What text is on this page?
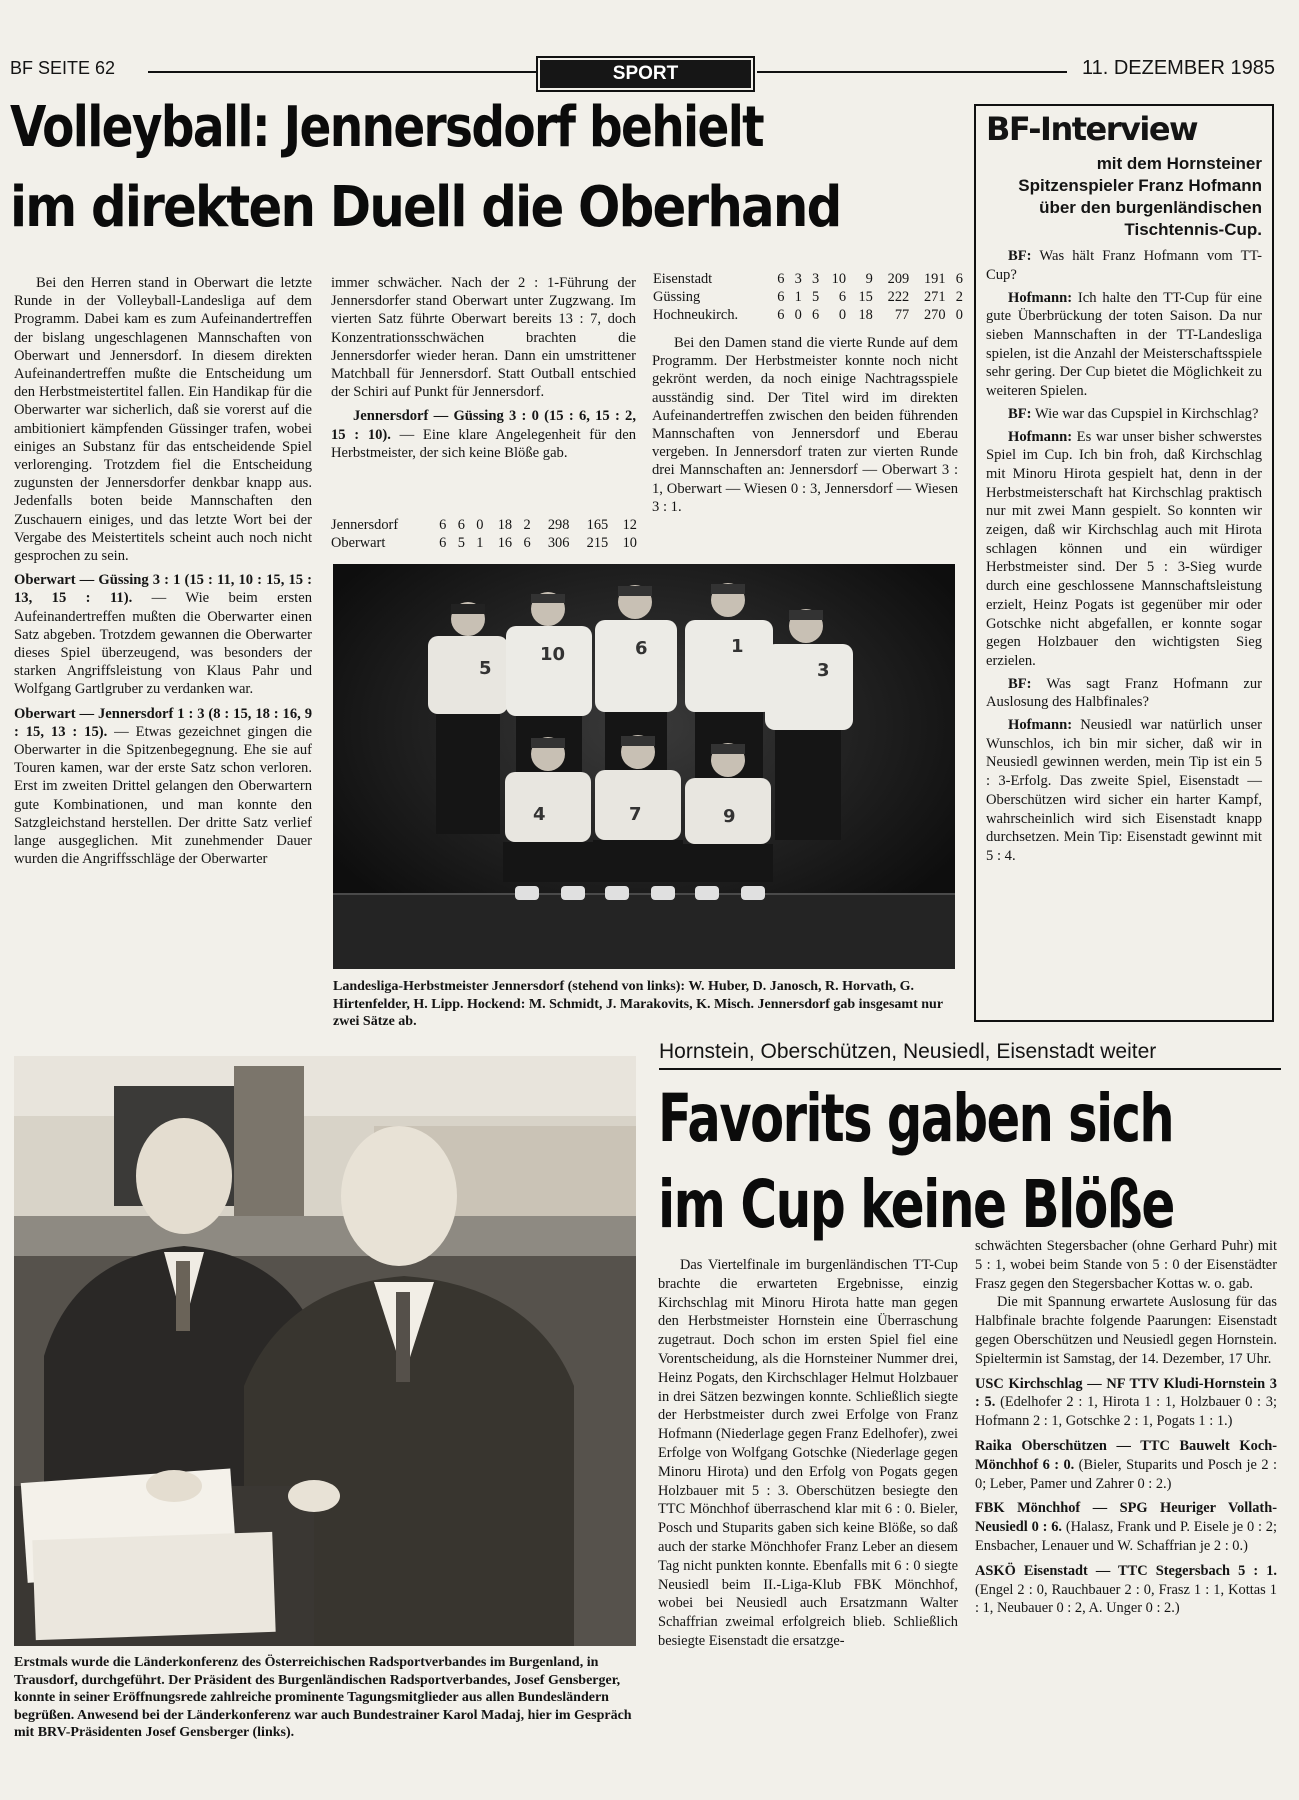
BF SEITE 62	SPORT	11. DEZEMBER 1985
Volleyball: Jennersdorf behielt
im direkten Duell die Oberhand

Bei den Herren stand in Oberwart die letzte Runde in der Volleyball-Landesliga auf dem Programm. Dabei kam es zum Aufeinandertreffen der bislang ungeschlagenen Mannschaften von Oberwart und Jennersdorf. In diesem direkten Aufeinandertreffen mußte die Entscheidung um den Herbstmeistertitel fallen. Ein Handikap für die Oberwarter war sicherlich, daß sie vorerst auf die ambitioniert kämpfenden Güssinger trafen, wobei einiges an Substanz für das entscheidende Spiel verlorenging. Trotzdem fiel die Entscheidung zugunsten der Jennersdorfer denkbar knapp aus. Jedenfalls boten beide Mannschaften den Zuschauern einiges, und das letzte Wort bei der Vergabe des Meistertitels scheint auch noch nicht gesprochen zu sein.

Oberwart — Güssing 3 : 1 (15 : 11, 10 : 15, 15 : 13, 15 : 11). — Wie beim ersten Aufeinandertreffen mußten die Oberwarter einen Satz abgeben. Trotzdem gewannen die Oberwarter dieses Spiel überzeugend, was besonders der starken Angriffsleistung von Klaus Pahr und Wolfgang Gartlgruber zu verdanken war.

Oberwart — Jennersdorf 1 : 3 (8 : 15, 18 : 16, 9 : 15, 13 : 15). — Etwas gezeichnet gingen die Oberwarter in die Spitzenbegegnung. Ehe sie auf Touren kamen, war der erste Satz schon verloren. Erst im zweiten Drittel gelangen den Oberwartern gute Kombinationen, und man konnte den Satzgleichstand herstellen. Der dritte Satz verlief lange ausgeglichen. Mit zunehmender Dauer wurden die Angriffsschläge der Oberwarter

immer schwächer. Nach der 2 : 1-Führung der Jennersdorfer stand Oberwart unter Zugzwang. Im vierten Satz führte Oberwart bereits 13 : 7, doch Konzentrationsschwächen brachten die Jennersdorfer wieder heran. Dann ein umstrittener Matchball für Jennersdorf. Statt Outball entschied der Schiri auf Punkt für Jennersdorf.

Jennersdorf — Güssing 3 : 0 (15 : 6, 15 : 2, 15 : 10). — Eine klare Angelegenheit für den Herbstmeister, der sich keine Blöße gab.

Jennersdorf	6	6	0	18	2	298	165	12
Oberwart	6	5	1	16	6	306	215	10
Eisenstadt	6	3	3	10	9	209	191	6
Güssing	6	1	5	6	15	222	271	2
Hochneukirch.	6	0	6	0	18	77	270	0

Bei den Damen stand die vierte Runde auf dem Programm. Der Herbstmeister konnte noch nicht gekrönt werden, da noch einige Nachtragsspiele ausständig sind. Der Titel wird im direkten Aufeinandertreffen zwischen den beiden führenden Mannschaften von Jennersdorf und Eberau vergeben. In Jennersdorf traten zur vierten Runde drei Mannschaften an: Jennersdorf — Oberwart 3 : 1, Oberwart — Wiesen 0 : 3, Jennersdorf — Wiesen 3 : 1.

5
10	6	1
3
4	7	9
Landesliga-Herbstmeister Jennersdorf (stehend von links): W. Huber, D. Janosch, R. Horvath, G. Hirtenfelder, H. Lipp. Hockend: M. Schmidt, J. Marakovits, K. Misch. Jennersdorf gab insgesamt nur zwei Sätze ab.
BF-Interview
mit dem Hornsteiner Spitzenspieler Franz Hofmann über den burgenländischen Tischtennis-Cup.

BF: Was hält Franz Hofmann vom TT-Cup?

Hofmann: Ich halte den TT-Cup für eine gute Überbrückung der toten Saison. Da nur sieben Mannschaften in der TT-Landesliga spielen, ist die Anzahl der Meisterschaftsspiele sehr gering. Der Cup bietet die Möglichkeit zu weiteren Spielen.

BF: Wie war das Cupspiel in Kirchschlag?

Hofmann: Es war unser bisher schwerstes Spiel im Cup. Ich bin froh, daß Kirchschlag mit Minoru Hirota gespielt hat, denn in der Herbstmeisterschaft hat Kirchschlag praktisch nur mit zwei Mann gespielt. So konnten wir zeigen, daß wir Kirchschlag auch mit Hirota schlagen können und ein würdiger Herbstmeister sind. Der 5 : 3-Sieg wurde durch eine geschlossene Mannschaftsleistung erzielt, Heinz Pogats ist gegenüber mir oder Gotschke nicht abgefallen, er konnte sogar gegen Holzbauer den wichtigsten Sieg erzielen.

BF: Was sagt Franz Hofmann zur Auslosung des Halbfinales?

Hofmann: Neusiedl war natürlich unser Wunschlos, ich bin mir sicher, daß wir in Neusiedl gewinnen werden, mein Tip ist ein 5 : 3-Erfolg. Das zweite Spiel, Eisenstadt — Oberschützen wird sicher ein harter Kampf, wahrscheinlich wird sich Eisenstadt knapp durchsetzen. Mein Tip: Eisenstadt gewinnt mit 5 : 4.

Erstmals wurde die Länderkonferenz des Österreichischen Radsportverbandes im Burgenland, in Trausdorf, durchgeführt. Der Präsident des Burgenländischen Radsportverbandes, Josef Gensberger, konnte in seiner Eröffnungsrede zahlreiche prominente Tagungsmitglieder aus allen Bundesländern begrüßen. Anwesend bei der Länderkonferenz war auch Bundestrainer Karol Madaj, hier im Gespräch mit BRV-Präsidenten Josef Gensberger (links).
Hornstein, Oberschützen, Neusiedl, Eisenstadt weiter
Favorits gaben sich
im Cup keine Blöße

Das Viertelfinale im burgenländischen TT-Cup brachte die erwarteten Ergebnisse, einzig Kirchschlag mit Minoru Hirota hatte man gegen den Herbstmeister Hornstein eine Überraschung zugetraut. Doch schon im ersten Spiel fiel eine Vorentscheidung, als die Hornsteiner Nummer drei, Heinz Pogats, den Kirchschlager Helmut Holzbauer in drei Sätzen bezwingen konnte. Schließlich siegte der Herbstmeister durch zwei Erfolge von Franz Hofmann (Niederlage gegen Franz Edelhofer), zwei Erfolge von Wolfgang Gotschke (Niederlage gegen Minoru Hirota) und den Erfolg von Pogats gegen Holzbauer mit 5 : 3. Oberschützen besiegte den TTC Mönchhof überraschend klar mit 6 : 0. Bieler, Posch und Stuparits gaben sich keine Blöße, so daß auch der starke Mönchhofer Franz Leber an diesem Tag nicht punkten konnte. Ebenfalls mit 6 : 0 siegte Neusiedl beim II.-Liga-Klub FBK Mönchhof, wobei bei Neusiedl auch Ersatzmann Walter Schaffrian zweimal erfolgreich blieb. Schließlich besiegte Eisenstadt die ersatzge-

schwächten Stegersbacher (ohne Gerhard Puhr) mit 5 : 1, wobei beim Stande von 5 : 0 der Eisenstädter Frasz gegen den Stegersbacher Kottas w. o. gab.

Die mit Spannung erwartete Auslosung für das Halbfinale brachte folgende Paarungen: Eisenstadt gegen Oberschützen und Neusiedl gegen Hornstein. Spieltermin ist Samstag, der 14. Dezember, 17 Uhr.

USC Kirchschlag — NF TTV Kludi-Hornstein 3 : 5. (Edelhofer 2 : 1, Hirota 1 : 1, Holzbauer 0 : 3; Hofmann 2 : 1, Gotschke 2 : 1, Pogats 1 : 1.)

Raika Oberschützen — TTC Bauwelt Koch-Mönchhof 6 : 0. (Bieler, Stuparits und Posch je 2 : 0; Leber, Pamer und Zahrer 0 : 2.)

FBK Mönchhof — SPG Heuriger Vollath-Neusiedl 0 : 6. (Halasz, Frank und P. Eisele je 0 : 2; Ensbacher, Lenauer und W. Schaffrian je 2 : 0.)

ASKÖ Eisenstadt — TTC Stegersbach 5 : 1. (Engel 2 : 0, Rauchbauer 2 : 0, Frasz 1 : 1, Kottas 1 : 1, Neubauer 0 : 2, A. Unger 0 : 2.)
